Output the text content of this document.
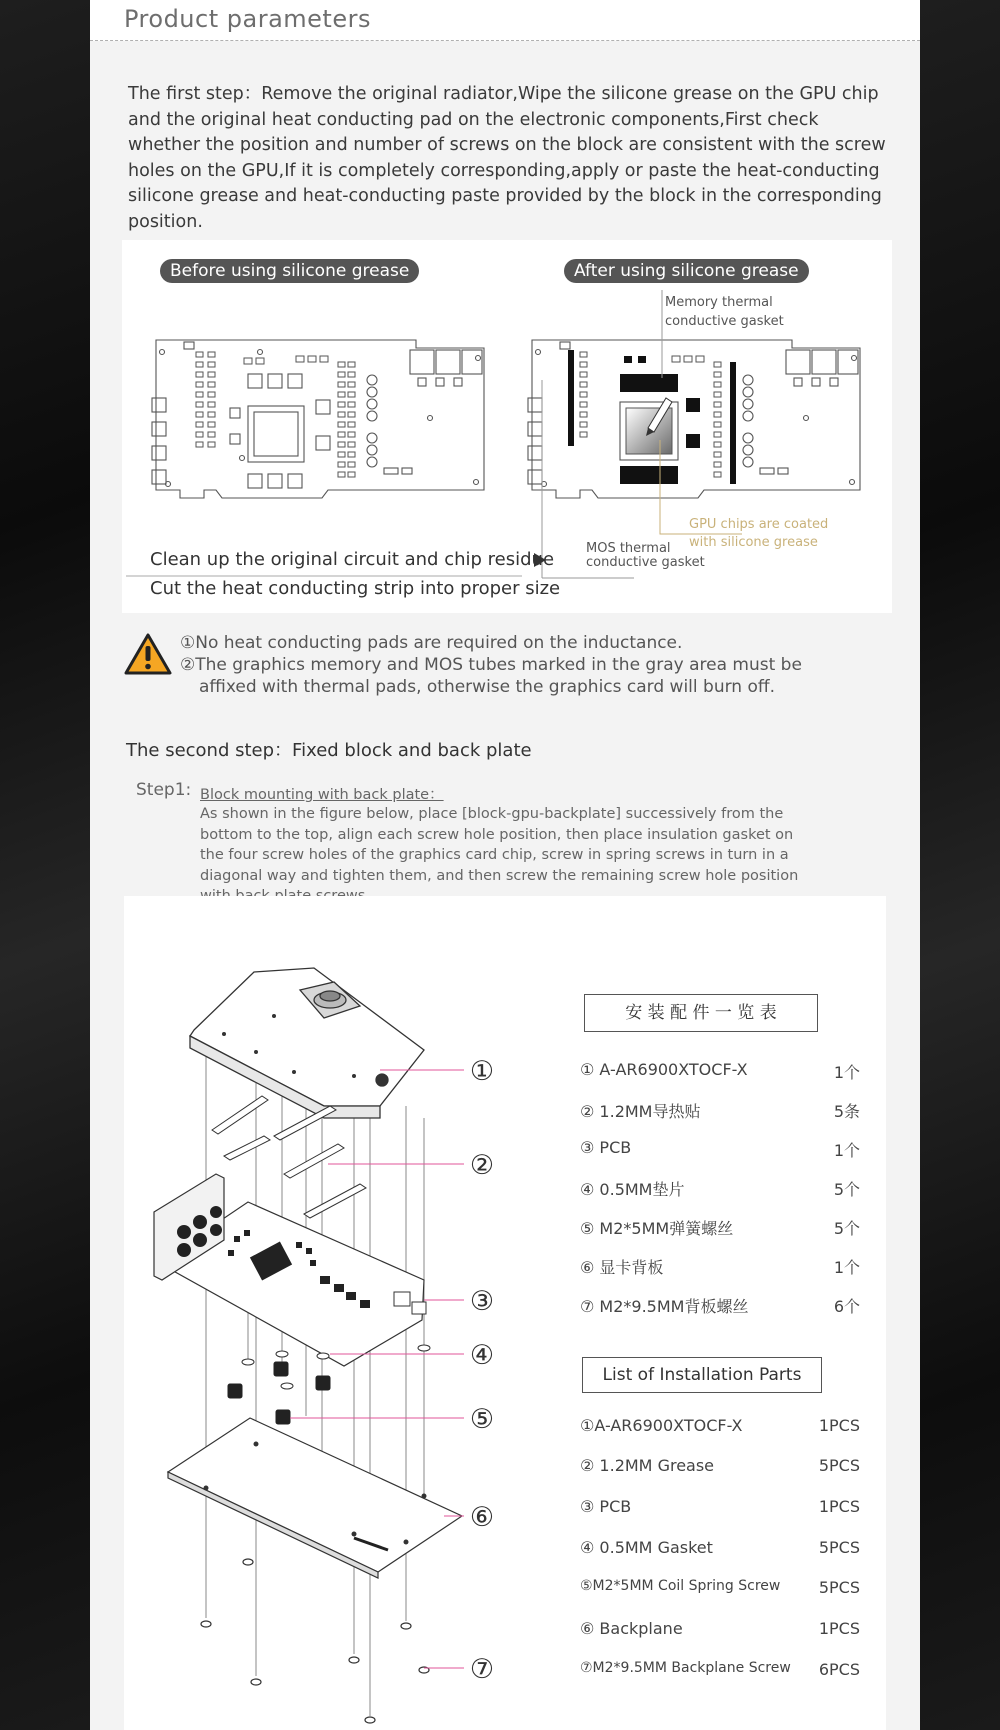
Product parameters
The first step：Remove the original radiator,Wipe the silicone grease on the GPU chip and the original heat conducting pad on the electronic components,First check whether the position and number of screws on the block are consistent with the screw holes on the GPU,If it is completely corresponding,apply or paste the heat-conducting silicone grease and heat-conducting paste provided by the block in the corresponding position.
Before using silicone grease	After using silicone grease
Memory thermal
conductive gasket
GPU chips are coated
with silicone grease
MOS thermal
conductive gasket
Clean up the original circuit and chip residue
Cut the heat conducting strip into proper size
①No heat conducting pads are required on the inductance.
②The graphics memory and MOS tubes marked in the gray area must be
affixed with thermal pads, otherwise the graphics card will burn off.
The second step：Fixed block and back plate
Step1: Block mounting with back plate：
As shown in the figure below, place [block-gpu-backplate] successively from the bottom to the top, align each screw hole position, then place insulation gasket on the four screw holes of the graphics card chip, screw in spring screws in turn in a diagonal way and tighten them, and then screw the remaining screw hole position
①
②
③
④
⑤
⑥
⑦
安 装 配 件 一 览 表
① A-AR6900XTOCF-X	1个
② 1.2MM导热贴	5条
③ PCB	1个
④ 0.5MM垫片	5个
⑤ M2*5MM弹簧螺丝	5个
⑥ 显卡背板	1个
⑦ M2*9.5MM背板螺丝	6个
List of Installation Parts
①A-AR6900XTOCF-X	1PCS
② 1.2MM Grease	5PCS
③ PCB	1PCS
④ 0.5MM Gasket	5PCS
⑤M2*5MM Coil Spring Screw 5PCS
⑥ Backplane	1PCS
⑦M2*9.5MM Backplane Screw 6PCS
